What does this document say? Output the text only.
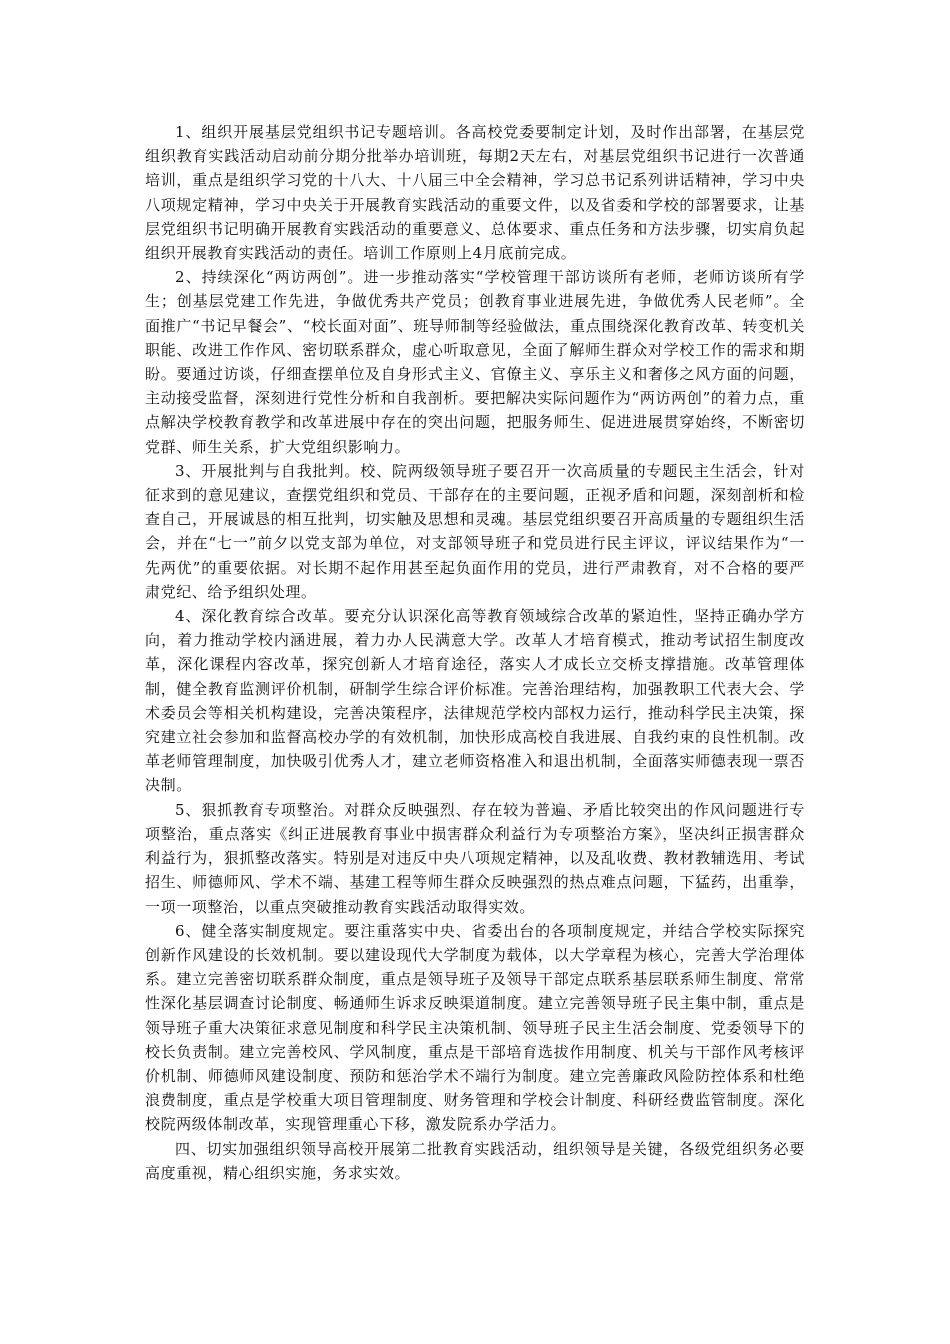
1、组织开展基层党组织书记专题培训。各高校党委要制定计划，及时作出部署，在基层党组织教育实践活动启动前分期分批举办培训班，每期2天左右，对基层党组织书记进行一次普通培训，重点是组织学习党的十八大、十八届三中全会精神，学习总书记系列讲话精神，学习中央八项规定精神，学习中央关于开展教育实践活动的重要文件，以及省委和学校的部署要求，让基层党组织书记明确开展教育实践活动的重要意义、总体要求、重点任务和方法步骤，切实肩负起组织开展教育实践活动的责任。培训工作原则上4月底前完成。

2、持续深化“两访两创”。进一步推动落实“学校管理干部访谈所有老师，老师访谈所有学生；创基层党建工作先进，争做优秀共产党员；创教育事业进展先进，争做优秀人民老师”。全面推广“书记早餐会”、“校长面对面”、班导师制等经验做法，重点围绕深化教育改革、转变机关职能、改进工作作风、密切联系群众，虚心听取意见，全面了解师生群众对学校工作的需求和期盼。要通过访谈，仔细查摆单位及自身形式主义、官僚主义、享乐主义和奢侈之风方面的问题，主动接受监督，深刻进行党性分析和自我剖析。要把解决实际问题作为“两访两创”的着力点，重点解决学校教育教学和改革进展中存在的突出问题，把服务师生、促进进展贯穿始终，不断密切党群、师生关系，扩大党组织影响力。

3、开展批判与自我批判。校、院两级领导班子要召开一次高质量的专题民主生活会，针对征求到的意见建议，查摆党组织和党员、干部存在的主要问题，正视矛盾和问题，深刻剖析和检查自己，开展诚恳的相互批判，切实触及思想和灵魂。基层党组织要召开高质量的专题组织生活会，并在“七一”前夕以党支部为单位，对支部领导班子和党员进行民主评议，评议结果作为“一先两优”的重要依据。对长期不起作用甚至起负面作用的党员，进行严肃教育，对不合格的要严肃党纪、给予组织处理。

4、深化教育综合改革。要充分认识深化高等教育领域综合改革的紧迫性，坚持正确办学方向，着力推动学校内涵进展，着力办人民满意大学。改革人才培育模式，推动考试招生制度改革，深化课程内容改革，探究创新人才培育途径，落实人才成长立交桥支撑措施。改革管理体制，健全教育监测评价机制，研制学生综合评价标准。完善治理结构，加强教职工代表大会、学术委员会等相关机构建设，完善决策程序，法律规范学校内部权力运行，推动科学民主决策，探究建立社会参加和监督高校办学的有效机制，加快形成高校自我进展、自我约束的良性机制。改革老师管理制度，加快吸引优秀人才，建立老师资格准入和退出机制，全面落实师德表现一票否决制。

5、狠抓教育专项整治。对群众反映强烈、存在较为普遍、矛盾比较突出的作风问题进行专项整治，重点落实《纠正进展教育事业中损害群众利益行为专项整治方案》，坚决纠正损害群众利益行为，狠抓整改落实。特别是对违反中央八项规定精神，以及乱收费、教材教辅选用、考试招生、师德师风、学术不端、基建工程等师生群众反映强烈的热点难点问题，下猛药，出重拳，一项一项整治，以重点突破推动教育实践活动取得实效。

6、健全落实制度规定。要注重落实中央、省委出台的各项制度规定，并结合学校实际探究创新作风建设的长效机制。要以建设现代大学制度为载体，以大学章程为核心，完善大学治理体系。建立完善密切联系群众制度，重点是领导班子及领导干部定点联系基层联系师生制度、常常性深化基层调查讨论制度、畅通师生诉求反映渠道制度。建立完善领导班子民主集中制，重点是领导班子重大决策征求意见制度和科学民主决策机制、领导班子民主生活会制度、党委领导下的校长负责制。建立完善校风、学风制度，重点是干部培育选拔作用制度、机关与干部作风考核评价机制、师德师风建设制度、预防和惩治学术不端行为制度。建立完善廉政风险防控体系和杜绝浪费制度，重点是学校重大项目管理制度、财务管理和学校会计制度、科研经费监管制度。深化校院两级体制改革，实现管理重心下移，激发院系办学活力。

四、切实加强组织领导高校开展第二批教育实践活动，组织领导是关键，各级党组织务必要高度重视，精心组织实施，务求实效。
